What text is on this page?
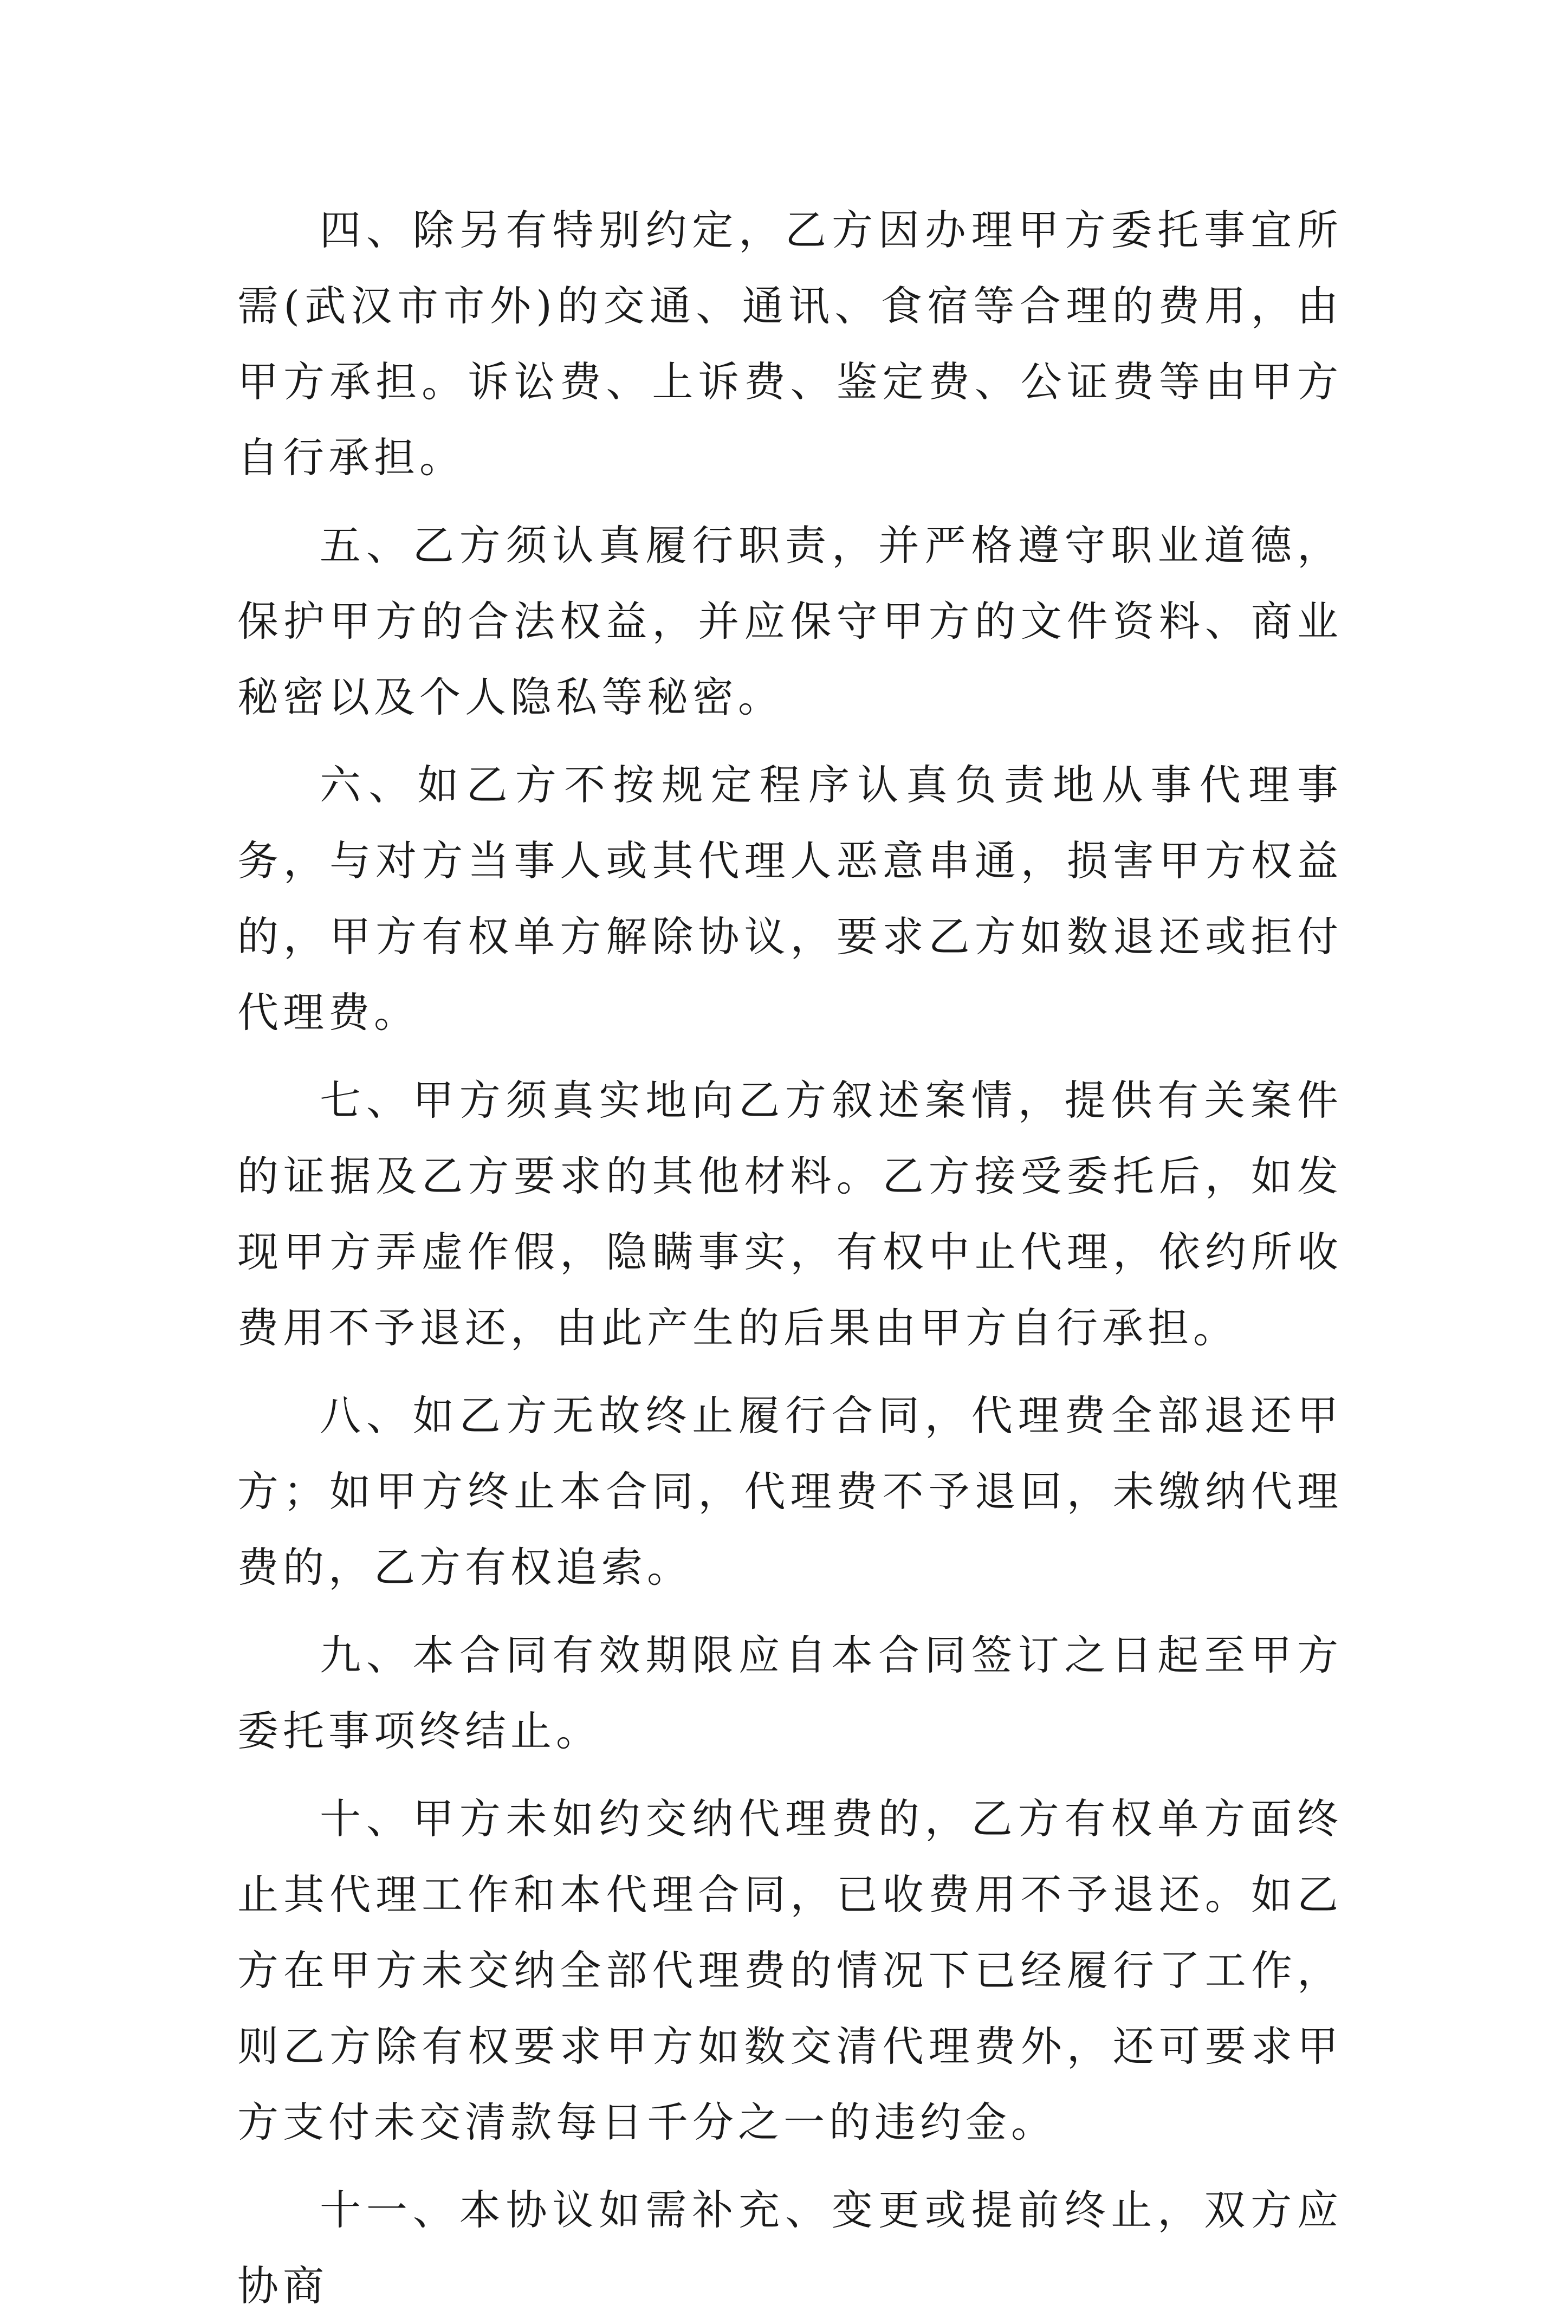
四、除另有特别约定，乙方因办理甲方委托事宜所需(武汉市市外)的交通、通讯、食宿等合理的费用，由甲方承担。诉讼费、上诉费、鉴定费、公证费等由甲方自行承担。

五、乙方须认真履行职责，并严格遵守职业道德，保护甲方的合法权益，并应保守甲方的文件资料、商业秘密以及个人隐私等秘密。

六、如乙方不按规定程序认真负责地从事代理事务，与对方当事人或其代理人恶意串通，损害甲方权益的，甲方有权单方解除协议，要求乙方如数退还或拒付代理费。

七、甲方须真实地向乙方叙述案情，提供有关案件的证据及乙方要求的其他材料。乙方接受委托后，如发现甲方弄虚作假，隐瞒事实，有权中止代理，依约所收费用不予退还，由此产生的后果由甲方自行承担。

八、如乙方无故终止履行合同，代理费全部退还甲方；如甲方终止本合同，代理费不予退回，未缴纳代理费的，乙方有权追索。

九、本合同有效期限应自本合同签订之日起至甲方委托事项终结止。

十、甲方未如约交纳代理费的，乙方有权单方面终止其代理工作和本代理合同，已收费用不予退还。如乙方在甲方未交纳全部代理费的情况下已经履行了工作，则乙方除有权要求甲方如数交清代理费外，还可要求甲方支付未交清款每日千分之一的违约金。

十一、本协议如需补充、变更或提前终止，双方应协商
